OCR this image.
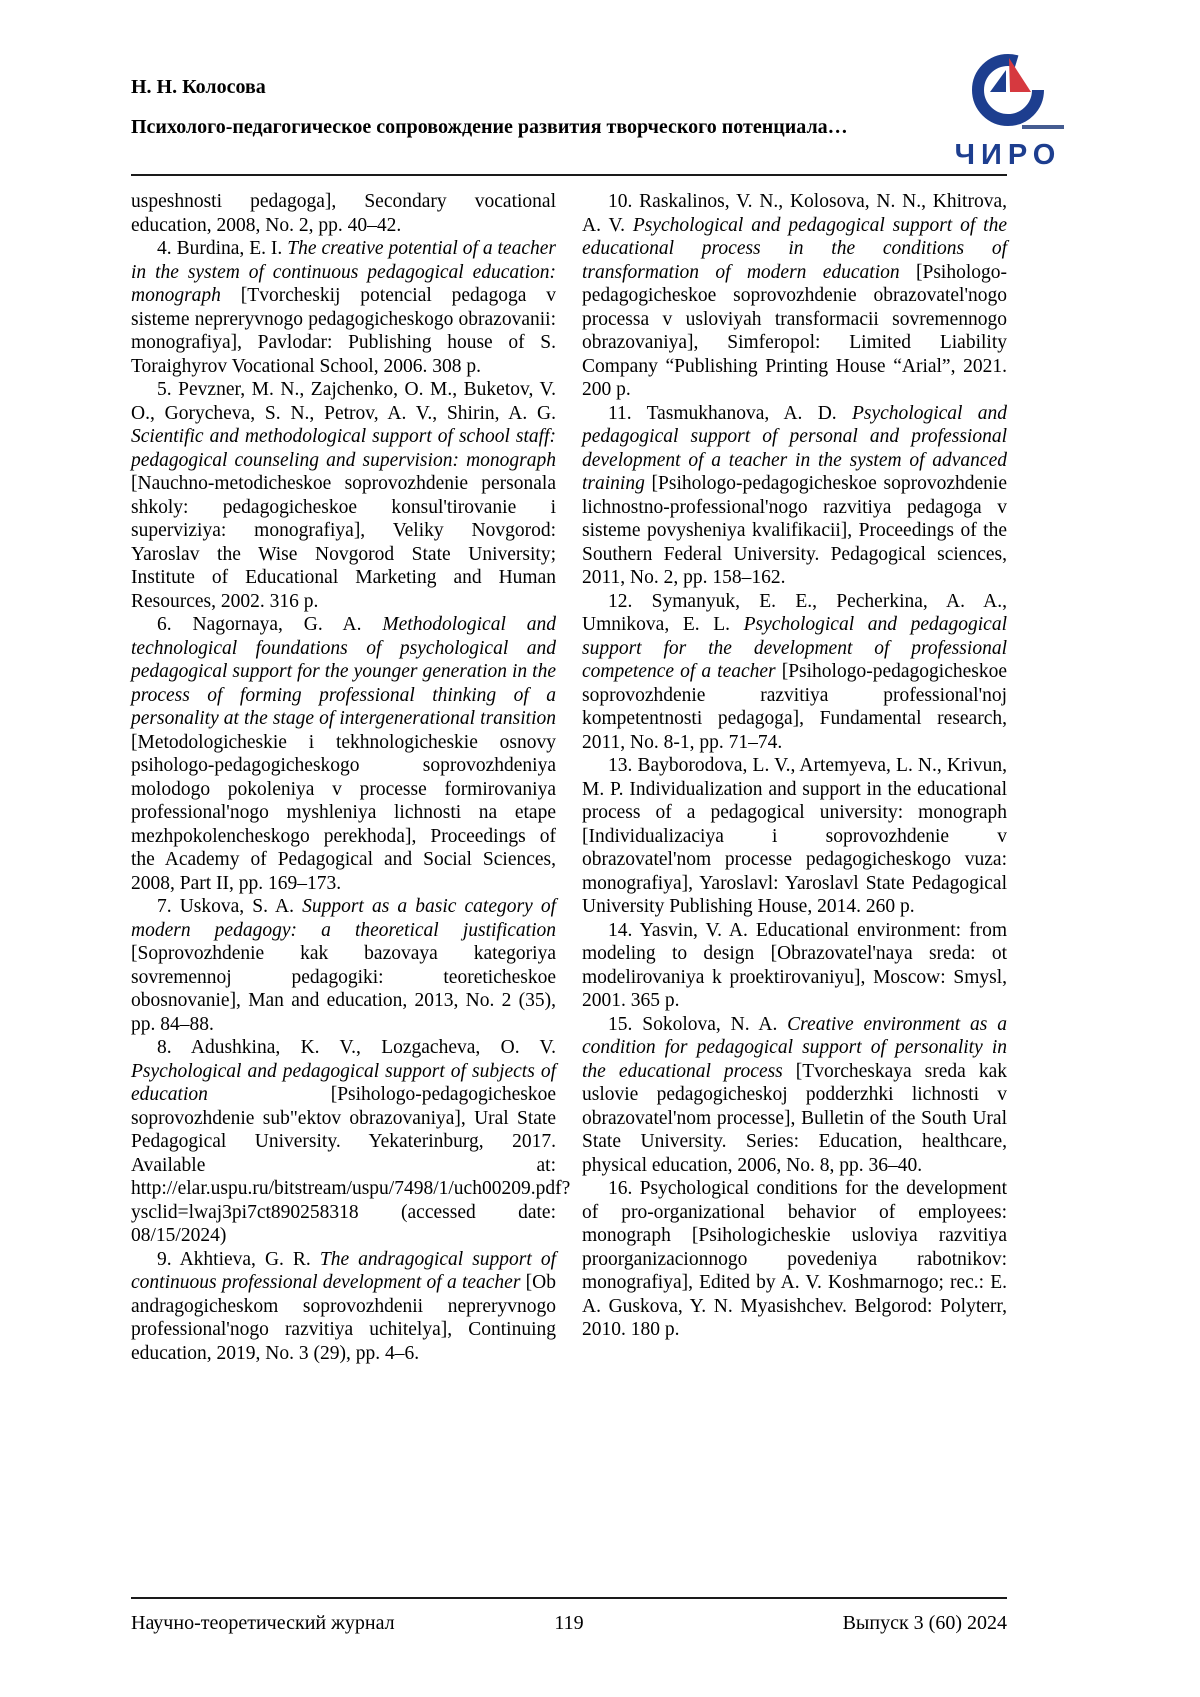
Н. Н. Колосова
Психолого-педагогическое сопровождение развития творческого потенциала…
ЧИРО

uspeshnosti pedagoga], Secondary vocational education, 2008, No. 2, pp. 40–42.

4. Burdina, E. I. The creative potential of a teacher in the system of continuous pedagogical education: monograph [Tvorcheskij potencial pedagoga v sisteme nepreryvnogo pedagogicheskogo obrazovanii: monografiya], Pavlodar: Publishing house of S. Toraighyrov Vocational School, 2006. 308 p.

5. Pevzner, M. N., Zajchenko, O. M., Buketov, V. O., Gorycheva, S. N., Petrov, A. V., Shirin, A. G. Scientific and methodological support of school staff: pedagogical counseling and supervision: monograph [Nauchno-metodicheskoe soprovozhdenie personala shkoly: pedagogicheskoe konsul'tirovanie i superviziya: monografiya], Veliky Novgorod: Yaroslav the Wise Novgorod State University; Institute of Educational Marketing and Human Resources, 2002. 316 p.

6. Nagornaya, G. A. Methodological and technological foundations of psychological and pedagogical support for the younger generation in the process of forming professional thinking of a personality at the stage of intergenerational transition [Metodologicheskie i tekhnologicheskie osnovy psihologo-pedagogicheskogo soprovozhdeniya molodogo pokoleniya v processe formirovaniya professional'nogo myshleniya lichnosti na etape mezhpokolencheskogo perekhoda], Proceedings of the Academy of Pedagogical and Social Sciences, 2008, Part II, pp. 169–173.

7. Uskova, S. A. Support as a basic category of modern pedagogy: a theoretical justification [Soprovozhdenie kak bazovaya kategoriya sovremennoj pedagogiki: teoreticheskoe obosnovanie], Man and education, 2013, No. 2 (35), pp. 84–88.

8. Adushkina, K. V., Lozgacheva, O. V. Psychological and pedagogical support of subjects of education [Psihologo-pedagogicheskoe soprovozhdenie sub"ektov obrazovaniya], Ural State Pedagogical University. Yekaterinburg, 2017. Available at: http://elar.uspu.ru/bitstream/uspu/7498/1/uch00209.pdf?ysclid=lwaj3pi7ct890258318 (accessed date: 08/15/2024)

9. Akhtieva, G. R. The andragogical support of continuous professional development of a teacher [Ob andragogicheskom soprovozhdenii nepreryvnogo professional'nogo razvitiya uchitelya], Continuing education, 2019, No. 3 (29), pp. 4–6.

10. Raskalinos, V. N., Kolosova, N. N., Khitrova, A. V. Psychological and pedagogical support of the educational process in the conditions of transformation of modern education [Psihologo-pedagogicheskoe soprovozhdenie obrazovatel'nogo processa v usloviyah transformacii sovremennogo obrazovaniya], Simferopol: Limited Liability Company “Publishing Printing House “Arial”, 2021. 200 p.

11. Tasmukhanova, A. D. Psychological and pedagogical support of personal and professional development of a teacher in the system of advanced training [Psihologo-pedagogicheskoe soprovozhdenie lichnostno-professional'nogo razvitiya pedagoga v sisteme povysheniya kvalifikacii], Proceedings of the Southern Federal University. Pedagogical sciences, 2011, No. 2, pp. 158–162.

12. Symanyuk, E. E., Pecherkina, A. A., Umnikova, E. L. Psychological and pedagogical support for the development of professional competence of a teacher [Psihologo-pedagogicheskoe soprovozhdenie razvitiya professional'noj kompetentnosti pedagoga], Fundamental research, 2011, No. 8-1, pp. 71–74.

13. Bayborodova, L. V., Artemyeva, L. N., Krivun, M. P. Individualization and support in the educational process of a pedagogical university: monograph [Individualizaciya i soprovozhdenie v obrazovatel'nom processe pedagogicheskogo vuza: monografiya], Yaroslavl: Yaroslavl State Pedagogical University Publishing House, 2014. 260 p.

14. Yasvin, V. A. Educational environment: from modeling to design [Obrazovatel'naya sreda: ot modelirovaniya k proektirovaniyu], Moscow: Smysl, 2001. 365 p.

15. Sokolova, N. A. Creative environment as a condition for pedagogical support of personality in the educational process [Tvorcheskaya sreda kak uslovie pedagogicheskoj podderzhki lichnosti v obrazovatel'nom processe], Bulletin of the South Ural State University. Series: Education, healthcare, physical education, 2006, No. 8, pp. 36–40.

16. Psychological conditions for the development of pro-organizational behavior of employees: monograph [Psihologicheskie usloviya razvitiya proorganizacionnogo povedeniya rabotnikov: monografiya], Edited by A. V. Koshmarnogo; rec.: E. A. Guskova, Y. N. Myasishchev. Belgorod: Polyterr, 2010. 180 p.

Научно-теоретический журнал	119	Выпуск 3 (60) 2024
